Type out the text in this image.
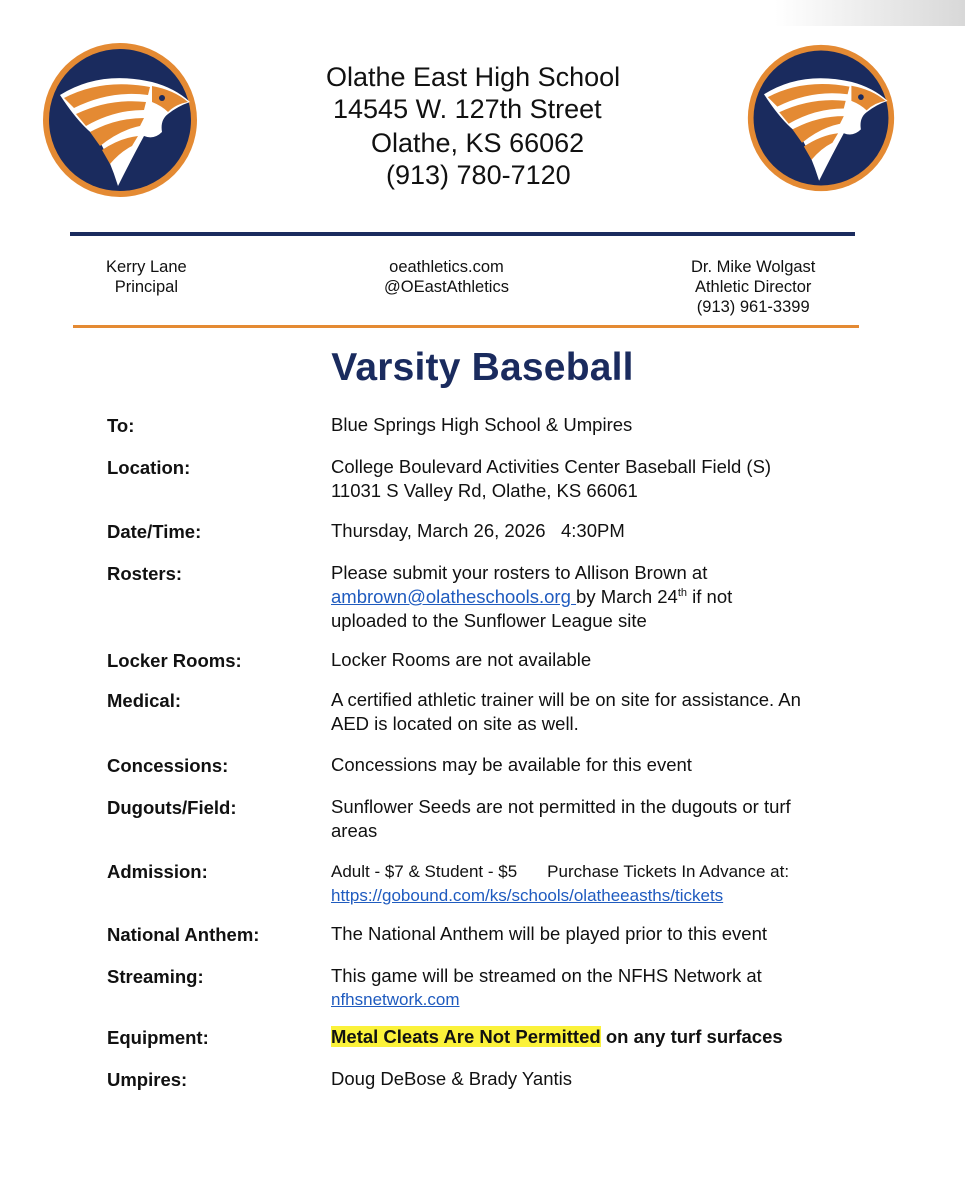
Olathe East High School
14545 W. 127th Street
Olathe, KS 66062
(913) 780-7120
Kerry Lane
Principal
oeathletics.com
@OEastAthletics
Dr. Mike Wolgast
Athletic Director
(913) 961-3399
Varsity Baseball
To:	Blue Springs High School & Umpires
Location:	College Boulevard Activities Center Baseball Field (S)
11031 S Valley Rd, Olathe, KS 66061
Date/Time:	Thursday, March 26, 2026   4:30PM
Rosters:	Please submit your rosters to Allison Brown at
ambrown@olatheschools.org by March 24th if not
uploaded to the Sunflower League site
Locker Rooms:	Locker Rooms are not available
Medical:	A certified athletic trainer will be on site for assistance. An
AED is located on site as well.
Concessions:	Concessions may be available for this event
Dugouts/Field:	Sunflower Seeds are not permitted in the dugouts or turf
areas
Admission:	Adult - $7 & Student - $5 Purchase Tickets In Advance at:
https://gobound.com/ks/schools/olatheeasths/tickets
National Anthem:	The National Anthem will be played prior to this event
Streaming:	This game will be streamed on the NFHS Network at
nfhsnetwork.com
Equipment:	Metal Cleats Are Not Permitted on any turf surfaces
Umpires:	Doug DeBose & Brady Yantis
